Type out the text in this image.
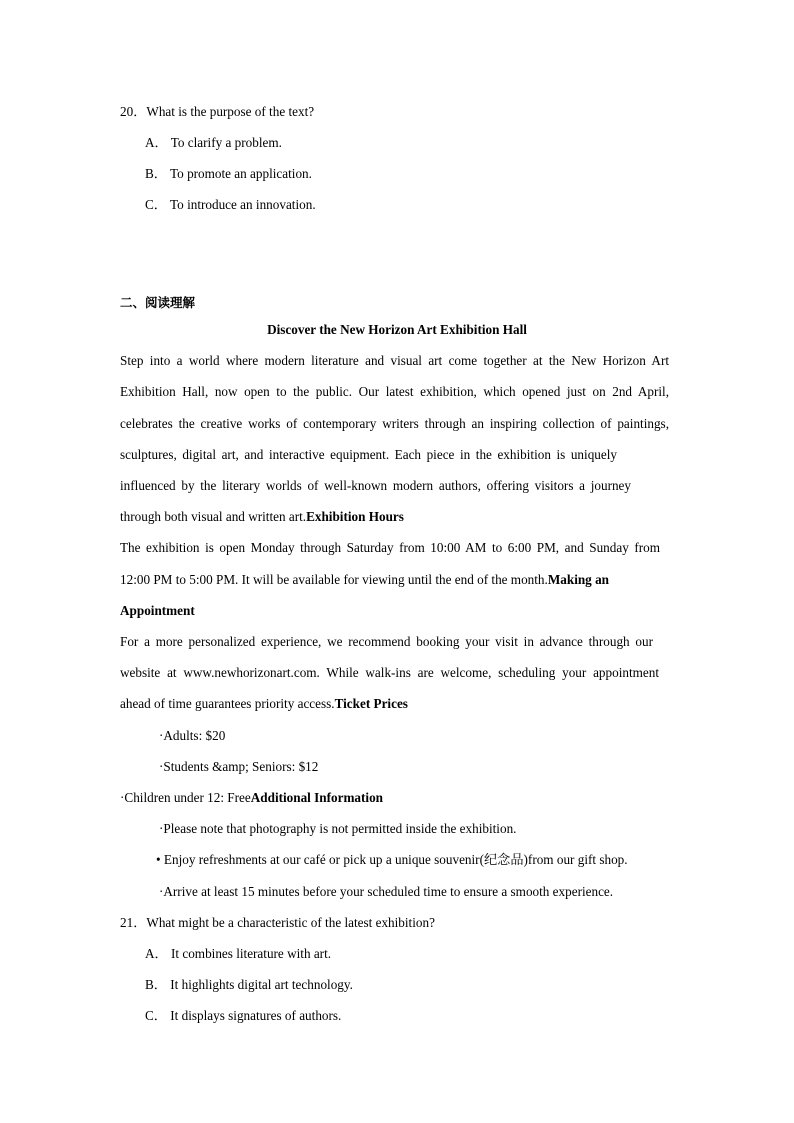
20．What is the purpose of the text?
A． To clarify a problem.
B． To promote an application.
C． To introduce an innovation.
二、阅读理解
Discover the New Horizon Art Exhibition Hall
Step into a world where modern literature and visual art come together at the New Horizon Art
Exhibition Hall, now open to the public. Our latest exhibition, which opened just on 2nd April,
celebrates the creative works of contemporary writers through an inspiring collection of paintings,
sculptures, digital art, and interactive equipment. Each piece in the exhibition is uniquely
influenced by the literary worlds of well-known modern authors, offering visitors a journey
through both visual and written art.Exhibition Hours
The exhibition is open Monday through Saturday from 10:00 AM to 6:00 PM, and Sunday from
12:00 PM to 5:00 PM. It will be available for viewing until the end of the month.Making an
Appointment
For a more personalized experience, we recommend booking your visit in advance through our
website at www.newhorizonart.com. While walk-ins are welcome, scheduling your appointment
ahead of time guarantees priority access.Ticket Prices
·Adults: $20
·Students &amp; Seniors: $12
·Children under 12: FreeAdditional Information
·Please note that photography is not permitted inside the exhibition.
• Enjoy refreshments at our café or pick up a unique souvenir(纪念品)from our gift shop.
·Arrive at least 15 minutes before your scheduled time to ensure a smooth experience.
21．What might be a characteristic of the latest exhibition?
A． It combines literature with art.
B． It highlights digital art technology.
C． It displays signatures of authors.
